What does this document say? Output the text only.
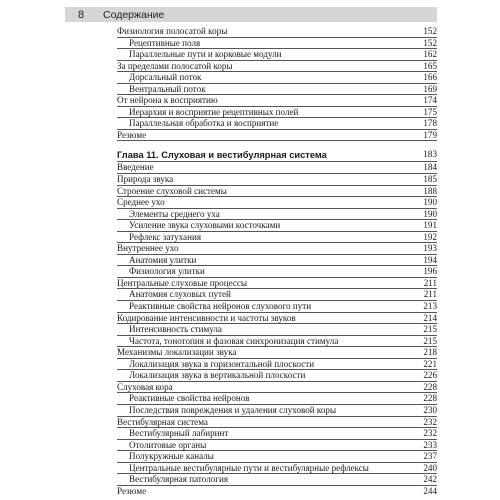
8	Содержание
Физиология полосатой коры	152
Рецептивные поля	152
Параллельные пути и корковые модули	162
За пределами полосатой коры	165
Дорсальный поток	166
Вентральный поток	169
От нейрона к восприятию	174
Иерархия и восприятие рецептивных полей	175
Параллельная обработка и восприятие	178
Резюме	179
Глава 11. Слуховая и вестибулярная система	183
Введение	184
Природа звука	185
Строение слуховой системы	188
Среднее ухо	190
Элементы среднего уха	190
Усиление звука слуховыми косточками	191
Рефлекс затухания	192
Внутреннее ухо	193
Анатомия улитки	194
Физиология улитки	196
Центральные слуховые процессы	211
Анатомия слуховых путей	211
Реактивные свойства нейронов слухового пути	213
Кодирование интенсивности и частоты звуков	214
Интенсивность стимула	215
Частота, тонотопия и фазовая синхронизация стимула	215
Механизмы локализации звука	218
Локализация звука в горизонтальной плоскости	221
Локализация звука в вертикальной плоскости	226
Слуховая кора	228
Реактивные свойства нейронов	228
Последствия повреждения и удаления слуховой коры	230
Вестибулярная система	232
Вестибулярный лабиринт	232
Отолитовые органы	233
Полукружные каналы	237
Центральные вестибулярные пути и вестибулярные рефлексы	240
Вестибулярная патология	242
Резюме	244
